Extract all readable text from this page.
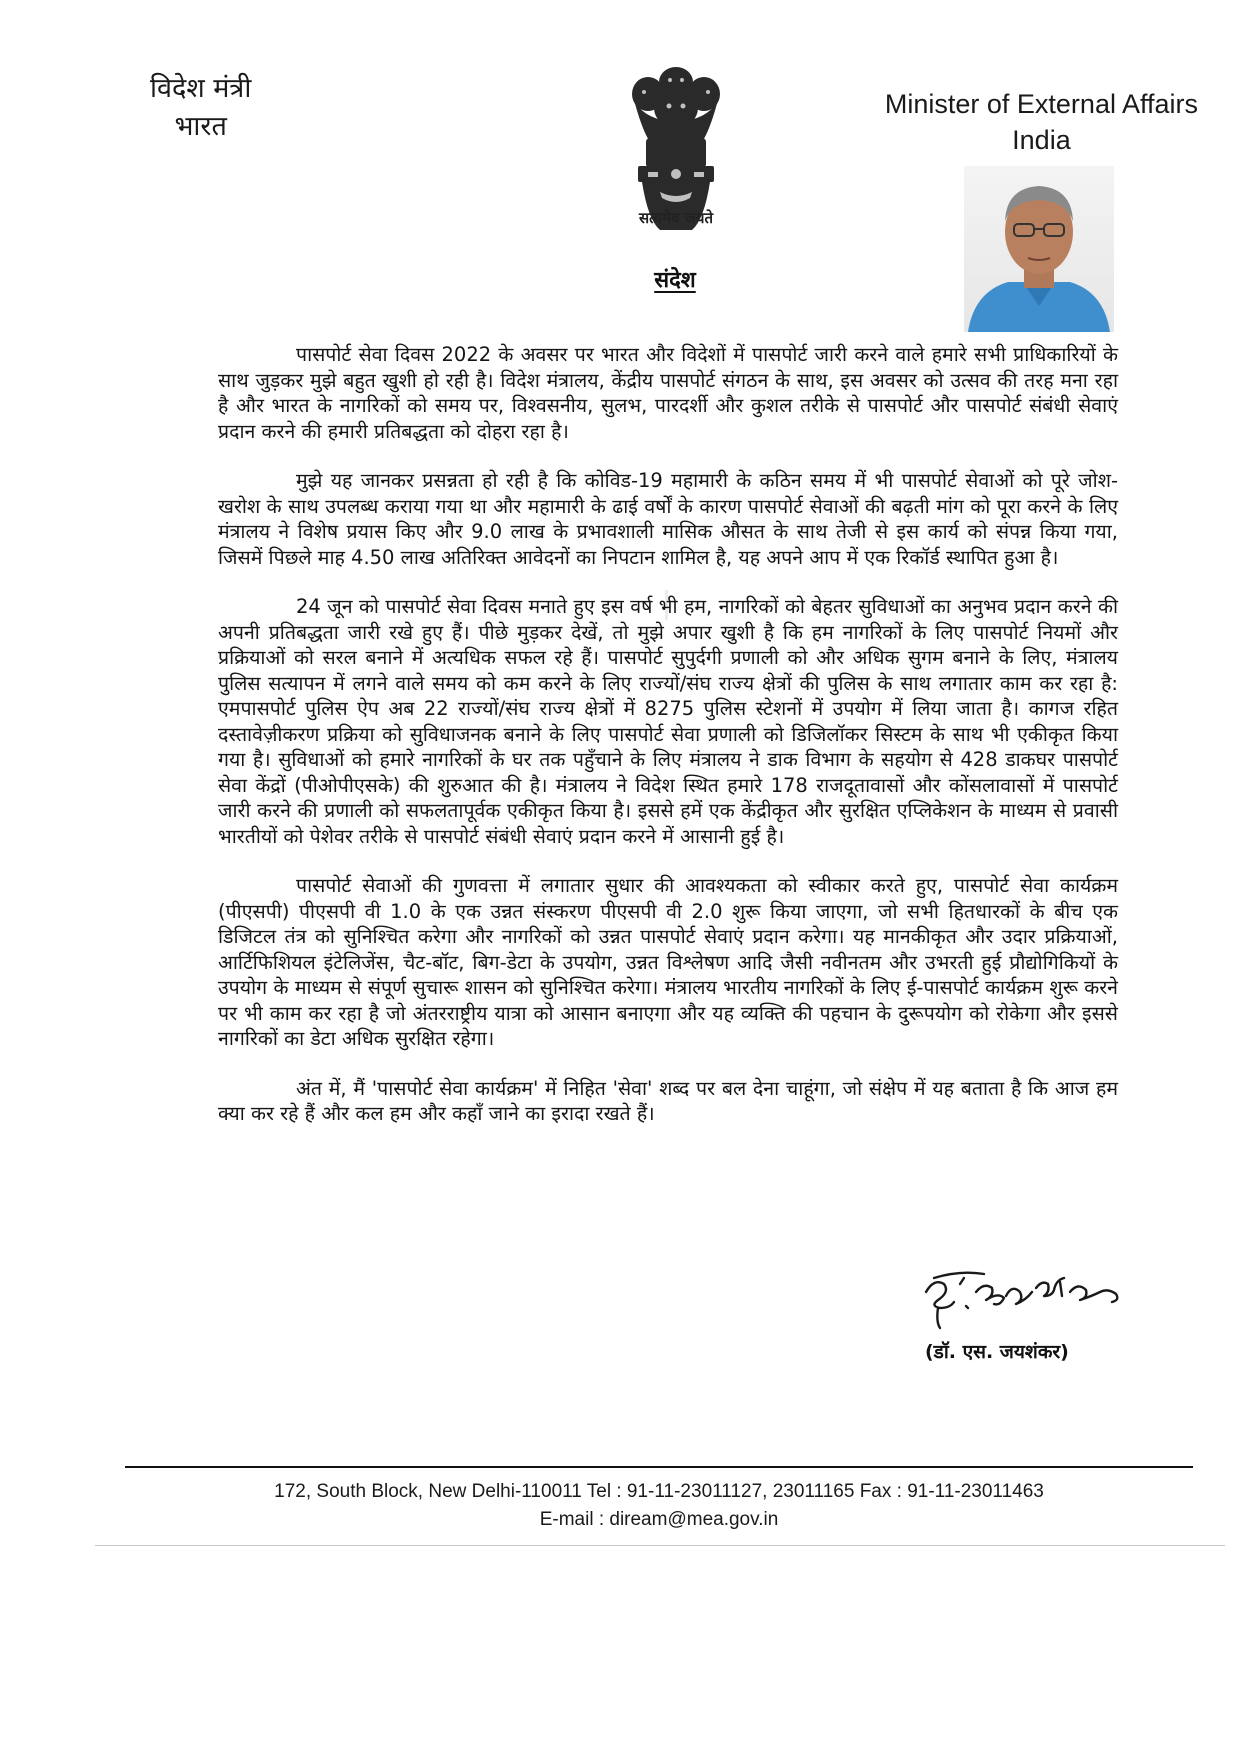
विदेश मंत्री
भारत
सत्यमेव जयते
Minister of External Affairs
India
संदेश

पासपोर्ट सेवा दिवस 2022 के अवसर पर भारत और विदेशों में पासपोर्ट जारी करने वाले हमारे सभी प्राधिकारियों के साथ जुड़कर मुझे बहुत खुशी हो रही है। विदेश मंत्रालय, केंद्रीय पासपोर्ट संगठन के साथ, इस अवसर को उत्सव की तरह मना रहा है और भारत के नागरिकों को समय पर, विश्वसनीय, सुलभ, पारदर्शी और कुशल तरीके से पासपोर्ट और पासपोर्ट संबंधी सेवाएं प्रदान करने की हमारी प्रतिबद्धता को दोहरा रहा है।

मुझे यह जानकर प्रसन्नता हो रही है कि कोविड-19 महामारी के कठिन समय में भी पासपोर्ट सेवाओं को पूरे जोश-खरोश के साथ उपलब्ध कराया गया था और महामारी के ढाई वर्षों के कारण पासपोर्ट सेवाओं की बढ़ती मांग को पूरा करने के लिए मंत्रालय ने विशेष प्रयास किए और 9.0 लाख के प्रभावशाली मासिक औसत के साथ तेजी से इस कार्य को संपन्न किया गया, जिसमें पिछले माह 4.50 लाख अतिरिक्त आवेदनों का निपटान शामिल है, यह अपने आप में एक रिकॉर्ड स्थापित हुआ है।

24 जून को पासपोर्ट सेवा दिवस मनाते हुए इस वर्ष भी हम, नागरिकों को बेहतर सुविधाओं का अनुभव प्रदान करने की अपनी प्रतिबद्धता जारी रखे हुए हैं। पीछे मुड़कर देखें, तो मुझे अपार खुशी है कि हम नागरिकों के लिए पासपोर्ट नियमों और प्रक्रियाओं को सरल बनाने में अत्यधिक सफल रहे हैं। पासपोर्ट सुपुर्दगी प्रणाली को और अधिक सुगम बनाने के लिए, मंत्रालय पुलिस सत्यापन में लगने वाले समय को कम करने के लिए राज्यों/संघ राज्य क्षेत्रों की पुलिस के साथ लगातार काम कर रहा है: एमपासपोर्ट पुलिस ऐप अब 22 राज्यों/संघ राज्य क्षेत्रों में 8275 पुलिस स्टेशनों में उपयोग में लिया जाता है। कागज रहित दस्तावेज़ीकरण प्रक्रिया को सुविधाजनक बनाने के लिए पासपोर्ट सेवा प्रणाली को डिजिलॉकर सिस्टम के साथ भी एकीकृत किया गया है। सुविधाओं को हमारे नागरिकों के घर तक पहुँचाने के लिए मंत्रालय ने डाक विभाग के सहयोग से 428 डाकघर पासपोर्ट सेवा केंद्रों (पीओपीएसके) की शुरुआत की है। मंत्रालय ने विदेश स्थित हमारे 178 राजदूतावासों और कोंसलावासों में पासपोर्ट जारी करने की प्रणाली को सफलतापूर्वक एकीकृत किया है। इससे हमें एक केंद्रीकृत और सुरक्षित एप्लिकेशन के माध्यम से प्रवासी भारतीयों को पेशेवर तरीके से पासपोर्ट संबंधी सेवाएं प्रदान करने में आसानी हुई है।

पासपोर्ट सेवाओं की गुणवत्ता में लगातार सुधार की आवश्यकता को स्वीकार करते हुए, पासपोर्ट सेवा कार्यक्रम (पीएसपी) पीएसपी वी 1.0 के एक उन्नत संस्करण पीएसपी वी 2.0 शुरू किया जाएगा, जो सभी हितधारकों के बीच एक डिजिटल तंत्र को सुनिश्चित करेगा और नागरिकों को उन्नत पासपोर्ट सेवाएं प्रदान करेगा। यह मानकीकृत और उदार प्रक्रियाओं, आर्टिफिशियल इंटेलिजेंस, चैट-बॉट, बिग-डेटा के उपयोग, उन्नत विश्लेषण आदि जैसी नवीनतम और उभरती हुई प्रौद्योगिकियों के उपयोग के माध्यम से संपूर्ण सुचारू शासन को सुनिश्चित करेगा। मंत्रालय भारतीय नागरिकों के लिए ई-पासपोर्ट कार्यक्रम शुरू करने पर भी काम कर रहा है जो अंतरराष्ट्रीय यात्रा को आसान बनाएगा और यह व्यक्ति की पहचान के दुरूपयोग को रोकेगा और इससे नागरिकों का डेटा अधिक सुरक्षित रहेगा।

अंत में, मैं 'पासपोर्ट सेवा कार्यक्रम' में निहित 'सेवा' शब्द पर बल देना चाहूंगा, जो संक्षेप में यह बताता है कि आज हम क्या कर रहे हैं और कल हम और कहाँ जाने का इरादा रखते हैं।

(डॉ. एस. जयशंकर)
172, South Block, New Delhi-110011 Tel : 91-11-23011127, 23011165 Fax : 91-11-23011463
E-mail : diream@mea.gov.in
